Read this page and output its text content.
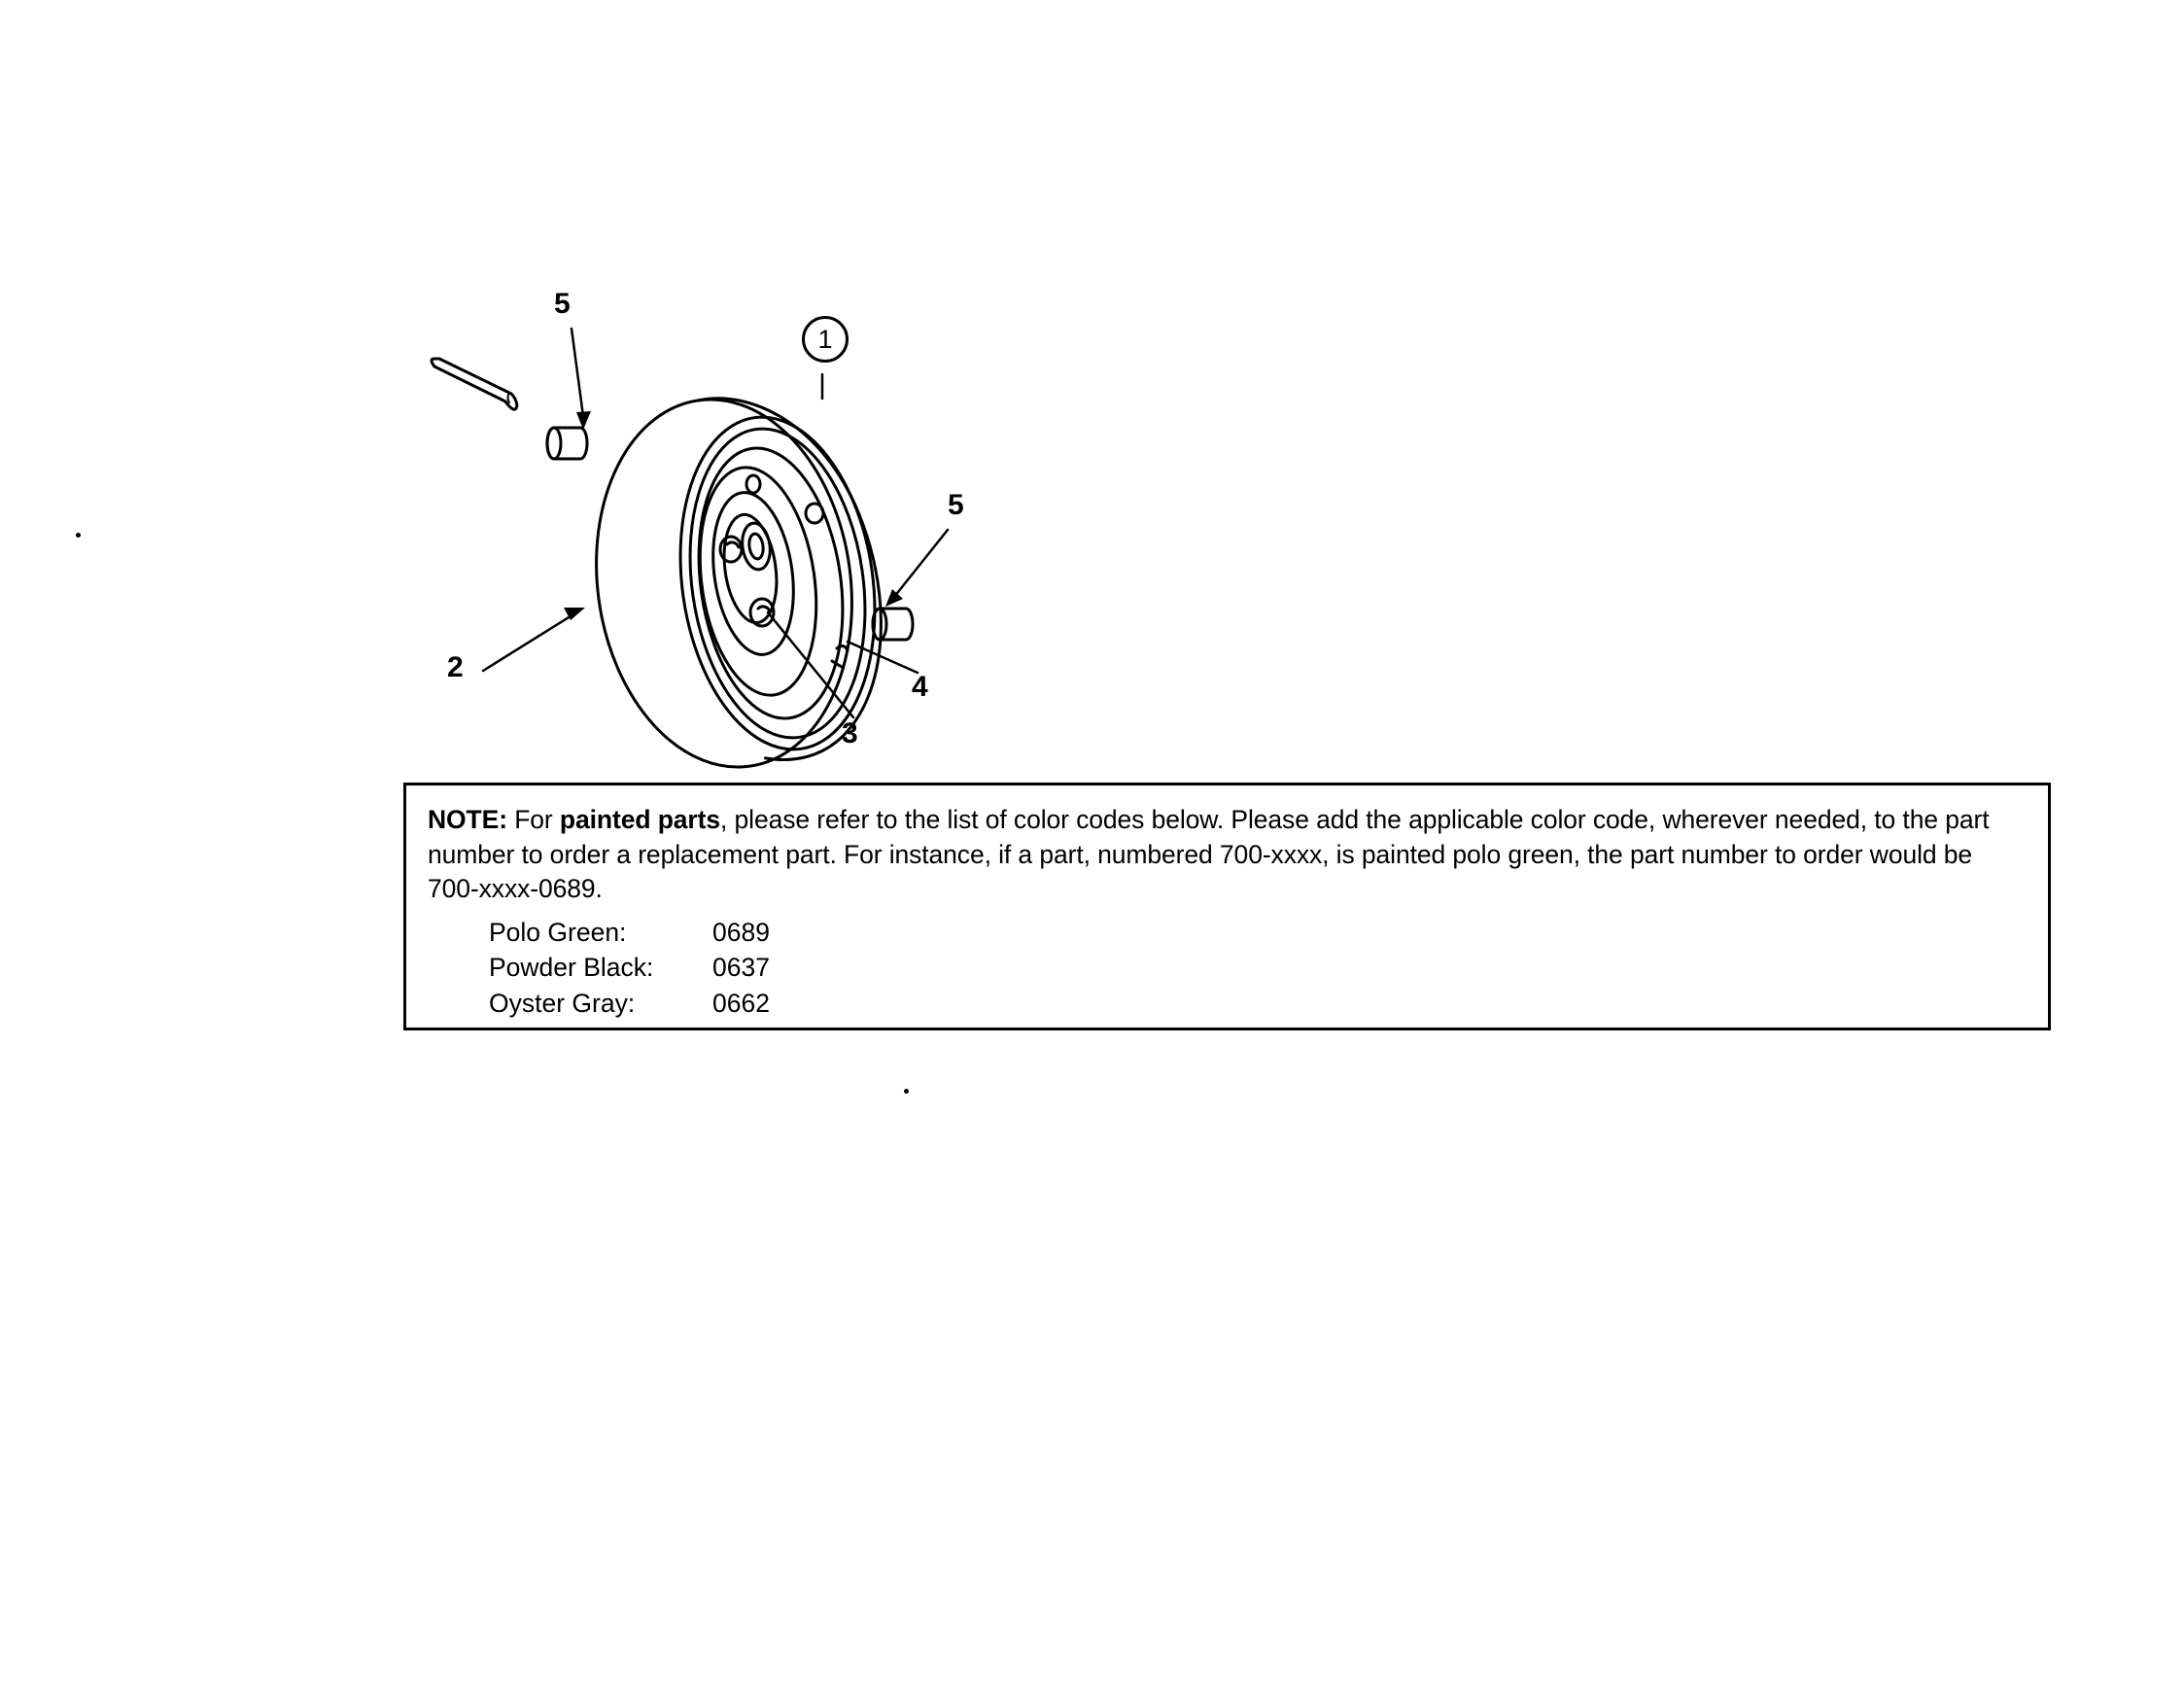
1
2
3
4
5
5

NOTE: For painted parts, please refer to the list of color codes below. Please add the applicable color code, wherever needed, to the part number to order a replacement part. For instance, if a part, numbered 700-xxxx, is painted polo green, the part number to order would be 700-xxxx-0689.

Polo Green:	0689
Powder Black:	0637
Oyster Gray:	0662
